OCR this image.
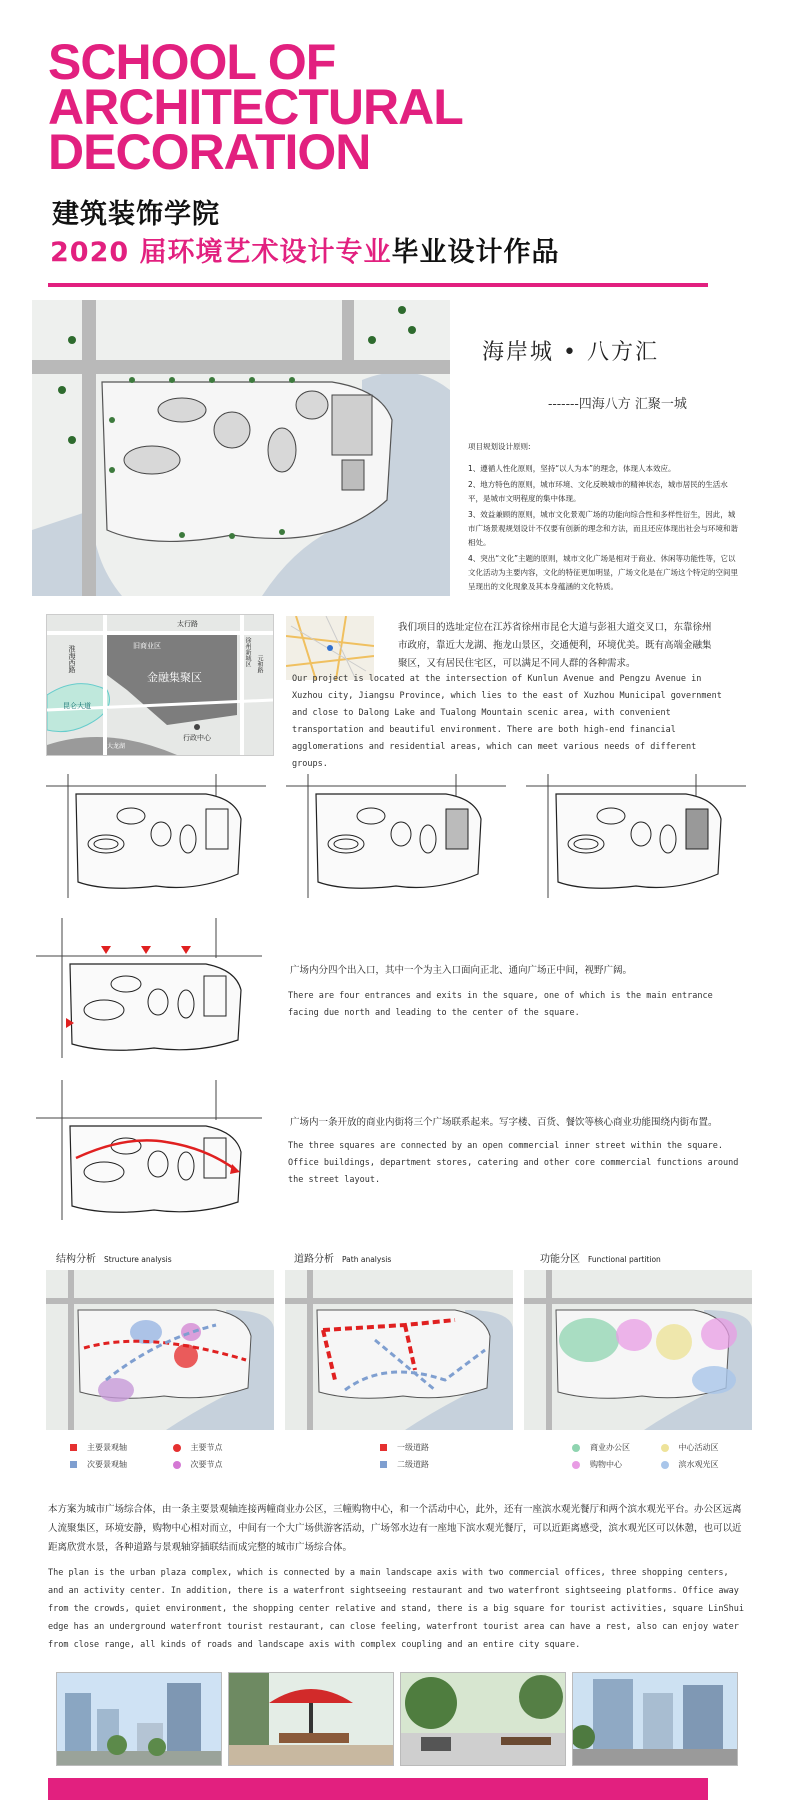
SCHOOL OF
ARCHITECTURAL
DECORATION
建筑装饰学院
2020 届环境艺术设计专业毕业设计作品
海岸城 • 八方汇
-------四海八方 汇聚一城
项目规划设计原则:
1、遵循人性化原则，坚持“以人为本”的理念，体现人本效应。
2、地方特色的原则，城市环境、文化反映城市的精神状态，城市居民的生活水平，是城市文明程度的集中体现。
3、效益兼顾的原则，城市文化景观广场的功能向综合性和多样性衍生，因此，城市广场景观规划设计不仅要有创新的理念和方法，而且还应体现出社会与环境和谐相处。
4、突出“文化”主题的原则，城市文化广场是相对于商业、休闲等功能性等，它以文化活动为主要内容，文化的特征更加明显，广场文化是在广场这个特定的空间里呈现出的文化现象及其本身蕴涵的文化特质。
太行路
淮海西路	旧商业区
金融集聚区
徐州新城区 元和路
昆仑大道
行政中心
大龙湖
我们项目的选址定位在江苏省徐州市昆仑大道与彭祖大道交叉口，东靠徐州市政府，靠近大龙湖、拖龙山景区，交通便利，环境优美。既有高端金融集聚区，又有居民住宅区，可以满足不同人群的各种需求。
Our project is located at the intersection of Kunlun Avenue and Pengzu Avenue in Xuzhou city, Jiangsu Province, which lies to the east of Xuzhou Municipal government and close to Dalong Lake and Tualong Mountain scenic area, with convenient transportation and beautiful environment. There are both high-end financial agglomerations and residential areas, which can meet various needs of different groups.
广场内分四个出入口，其中一个为主入口面向正北、通向广场正中间，视野广阔。
There are four entrances and exits in the square, one of which is the main entrance facing due north and leading to the center of the square.
广场内一条开放的商业内街将三个广场联系起来。写字楼、百货、餐饮等核心商业功能围绕内街布置。
The three squares are connected by an open commercial inner street within the square. Office buildings, department stores, catering and other core commercial functions around the street layout.
结构分析 Structure analysis	道路分析 Path analysis	功能分区 Functional partition
主要景观轴	主要节点
次要景观轴	次要节点
一级道路
二级道路
商业办公区	中心活动区
购物中心	滨水观光区
本方案为城市广场综合体，由一条主要景观轴连接两幢商业办公区，三幢购物中心，和一个活动中心，此外，还有一座滨水观光餐厅和两个滨水观光平台。办公区远离人流聚集区，环境安静，购物中心相对而立，中间有一个大广场供游客活动，广场邻水边有一座地下滨水观光餐厅，可以近距离感受，滨水观光区可以休憩，也可以近距离欣赏水景，各种道路与景观轴穿插联结而成完整的城市广场综合体。
The plan is the urban plaza complex, which is connected by a main landscape axis with two commercial offices, three shopping centers, and an activity center. In addition, there is a waterfront sightseeing restaurant and two waterfront sightseeing platforms. Office away from the crowds, quiet environment, the shopping center relative and stand, there is a big square for tourist activities, square LinShui edge has an underground waterfront tourist restaurant, can close feeling, waterfront tourist area can have a rest, also can enjoy water from close range, all kinds of roads and landscape axis with complex coupling and an entire city square.
